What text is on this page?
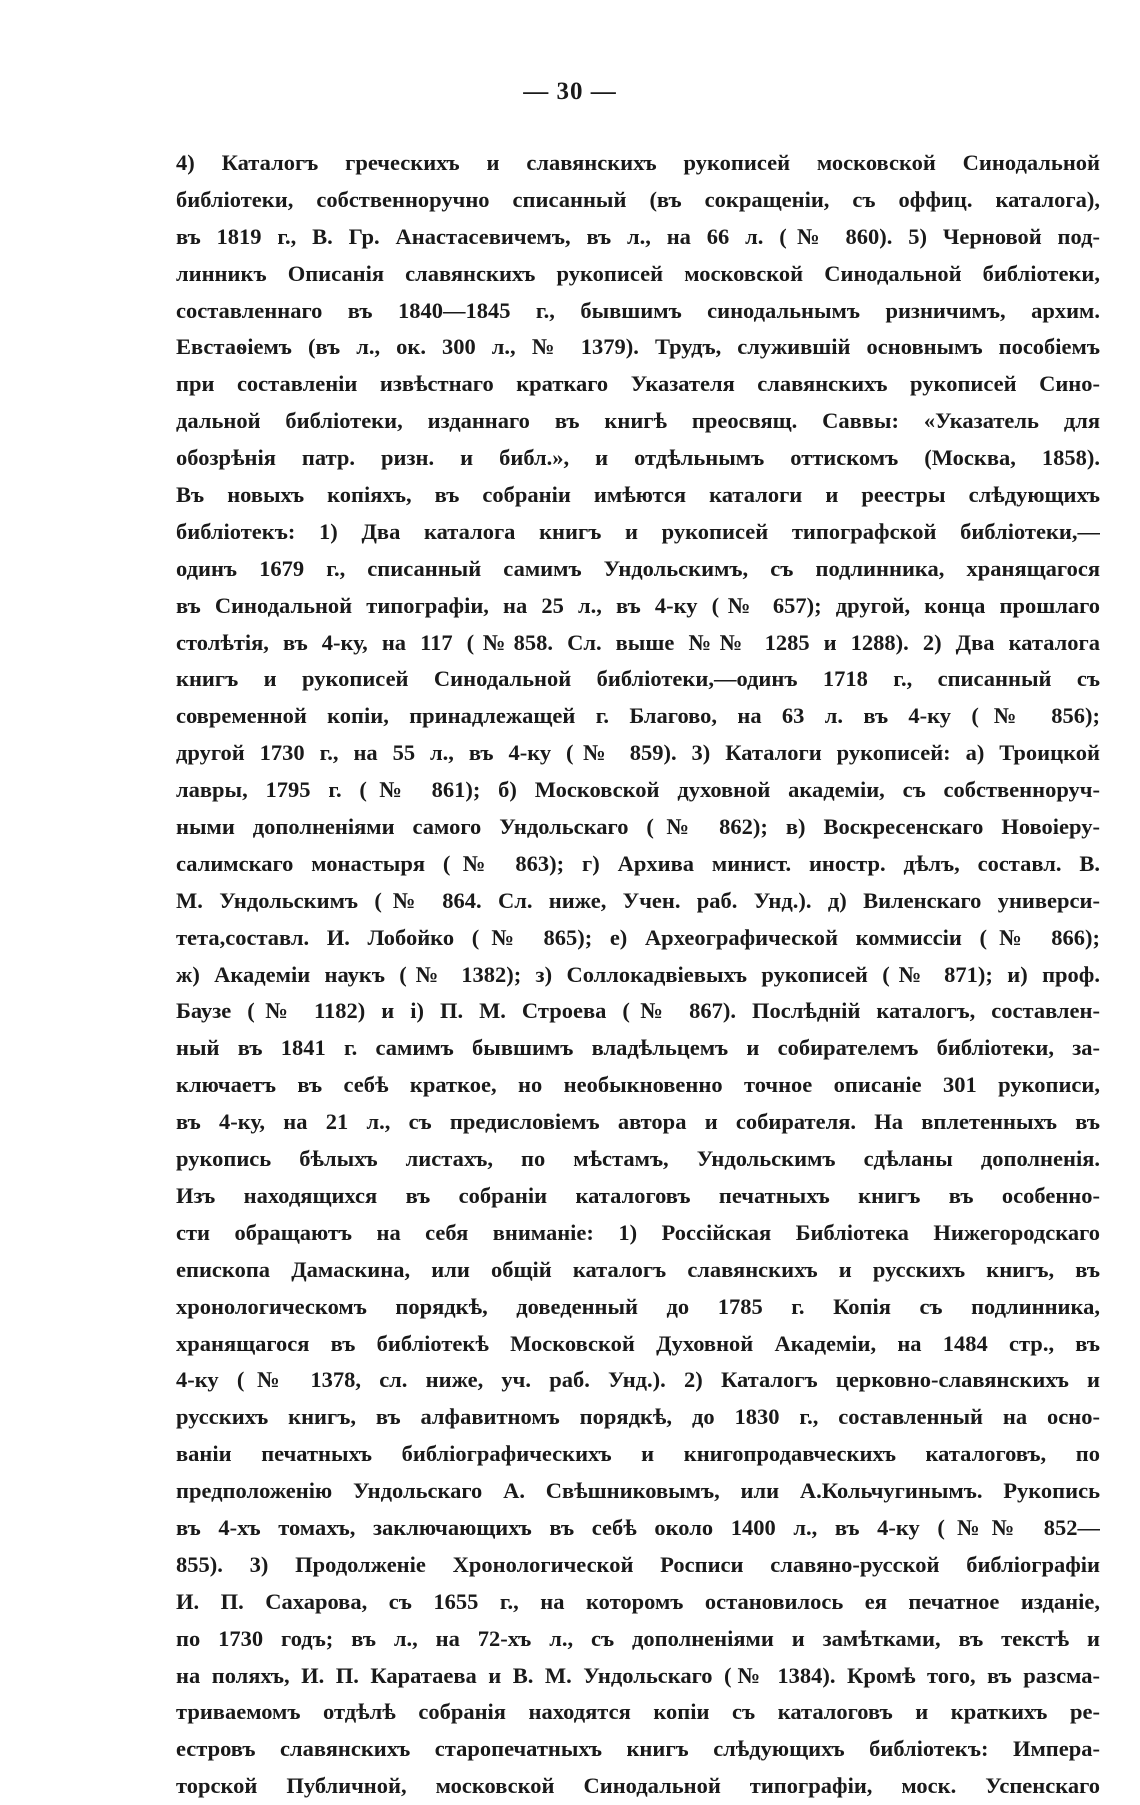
— 30 —
4) Каталогъ греческихъ и славянскихъ рукописей московской Синодальной
библіотеки, собственноручно списанный (въ сокращеніи, съ оффиц. каталога),
въ 1819 г., В. Гр. Анастасевичемъ, въ л., на 66 л. (№ 860). 5) Черновой под-
линникъ Описанія славянскихъ рукописей московской Синодальной библіотеки,
составленнаго въ 1840—1845 г., бывшимъ синодальнымъ ризничимъ, архим.
Евстаѳіемъ (въ л., ок. 300 л., № 1379). Трудъ, служившій основнымъ пособіемъ
при составленіи извѣстнаго краткаго Указателя славянскихъ рукописей Сино-
дальной библіотеки, изданнаго въ книгѣ преосвящ. Саввы: «Указатель для
обозрѣнія патр. ризн. и библ.», и отдѣльнымъ оттискомъ (Москва, 1858).
Въ новыхъ копіяхъ, въ собраніи имѣются каталоги и реестры слѣдующихъ
библіотекъ: 1) Два каталога книгъ и рукописей типографской библіотеки,—
одинъ 1679 г., списанный самимъ Ундольскимъ, съ подлинника, хранящагося
въ Синодальной типографіи, на 25 л., въ 4-ку (№ 657); другой, конца прошлаго
столѣтія, въ 4-ку, на 117 (№858. Сл. выше №№ 1285 и 1288). 2) Два каталога
книгъ и рукописей Синодальной библіотеки,—одинъ 1718 г., списанный съ
современной копіи, принадлежащей г. Благово, на 63 л. въ 4-ку (№ 856);
другой 1730 г., на 55 л., въ 4-ку (№ 859). 3) Каталоги рукописей: а) Троицкой
лавры, 1795 г. (№ 861); б) Московской духовной академіи, съ собственноруч-
ными дополненіями самого Ундольскаго (№ 862); в) Воскресенскаго Новоіеру-
салимскаго монастыря (№ 863); г) Архива минист. иностр. дѣлъ, составл. В.
М. Ундольскимъ (№ 864. Сл. ниже, Учен. раб. Унд.). д) Виленскаго универси-
тета,составл. И. Лобойко (№ 865); е) Археографической коммиссіи (№ 866);
ж) Академіи наукъ (№ 1382); з) Соллокадвіевыхъ рукописей (№ 871); и) проф.
Баузе (№ 1182) и і) П. М. Строева (№ 867). Послѣдній каталогъ, составлен-
ный въ 1841 г. самимъ бывшимъ владѣльцемъ и собирателемъ библіотеки, за-
ключаетъ въ себѣ краткое, но необыкновенно точное описаніе 301 рукописи,
въ 4-ку, на 21 л., съ предисловіемъ автора и собирателя. На вплетенныхъ въ
рукопись бѣлыхъ листахъ, по мѣстамъ, Ундольскимъ сдѣланы дополненія.
Изъ находящихся въ собраніи каталоговъ печатныхъ книгъ въ особенно-
сти обращаютъ на себя вниманіе: 1) Россійская Библіотека Нижегородскаго
епископа Дамаскина, или общій каталогъ славянскихъ и русскихъ книгъ, въ
хронологическомъ порядкѣ, доведенный до 1785 г. Копія съ подлинника,
хранящагося въ библіотекѣ Московской Духовной Академіи, на 1484 стр., въ
4-ку (№ 1378, сл. ниже, уч. раб. Унд.). 2) Каталогъ церковно-славянскихъ и
русскихъ книгъ, въ алфавитномъ порядкѣ, до 1830 г., составленный на осно-
ваніи печатныхъ библіографическихъ и книгопродавческихъ каталоговъ, по
предположенію Ундольскаго А. Свѣшниковымъ, или А.Кольчугинымъ. Рукопись
въ 4-хъ томахъ, заключающихъ въ себѣ около 1400 л., въ 4-ку (№№ 852—
855). 3) Продолженіе Хронологической Росписи славяно-русской библіографіи
И. П. Сахарова, съ 1655 г., на которомъ остановилось ея печатное изданіе,
по 1730 годъ; въ л., на 72-хъ л., съ дополненіями и замѣтками, въ текстѣ и
на поляхъ, И. П. Каратаева и В. М. Ундольскаго (№ 1384). Кромѣ того, въ разсма-
триваемомъ отдѣлѣ собранія находятся копіи съ каталоговъ и краткихъ ре-
естровъ славянскихъ старопечатныхъ книгъ слѣдующихъ библіотекъ: Импера-
торской Публичной, московской Синодальной типографіи, моск. Успенскаго
